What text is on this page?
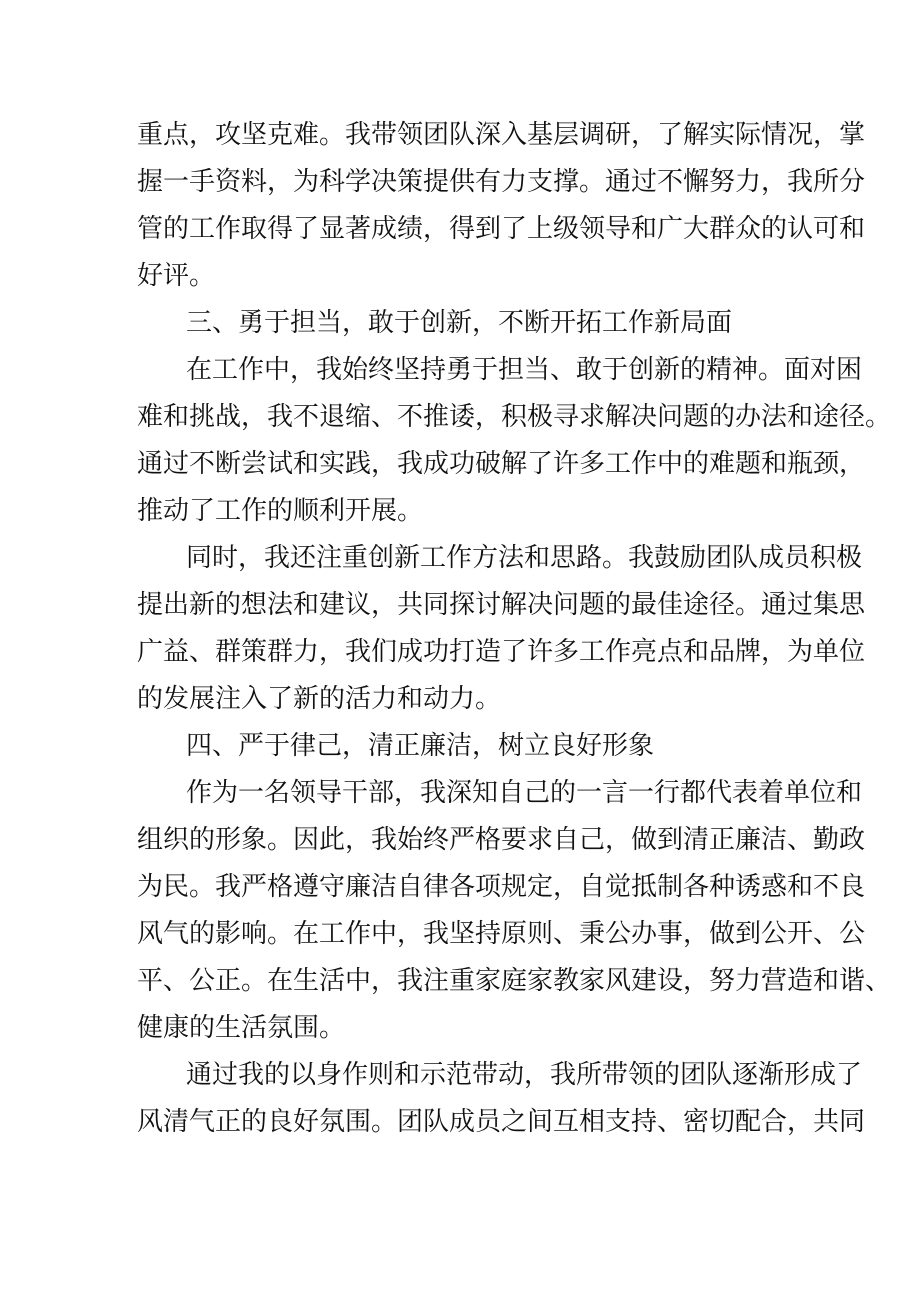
重点，攻坚克难。我带领团队深入基层调研，了解实际情况，掌

握一手资料，为科学决策提供有力支撑。通过不懈努力，我所分

管的工作取得了显著成绩，得到了上级领导和广大群众的认可和

好评。

三、勇于担当，敢于创新，不断开拓工作新局面

在工作中，我始终坚持勇于担当、敢于创新的精神。面对困

难和挑战，我不退缩、不推诿，积极寻求解决问题的办法和途径。

通过不断尝试和实践，我成功破解了许多工作中的难题和瓶颈，

推动了工作的顺利开展。

同时，我还注重创新工作方法和思路。我鼓励团队成员积极

提出新的想法和建议，共同探讨解决问题的最佳途径。通过集思

广益、群策群力，我们成功打造了许多工作亮点和品牌，为单位

的发展注入了新的活力和动力。

四、严于律己，清正廉洁，树立良好形象

作为一名领导干部，我深知自己的一言一行都代表着单位和

组织的形象。因此，我始终严格要求自己，做到清正廉洁、勤政

为民。我严格遵守廉洁自律各项规定，自觉抵制各种诱惑和不良

风气的影响。在工作中，我坚持原则、秉公办事，做到公开、公

平、公正。在生活中，我注重家庭家教家风建设，努力营造和谐、

健康的生活氛围。

通过我的以身作则和示范带动，我所带领的团队逐渐形成了

风清气正的良好氛围。团队成员之间互相支持、密切配合，共同
